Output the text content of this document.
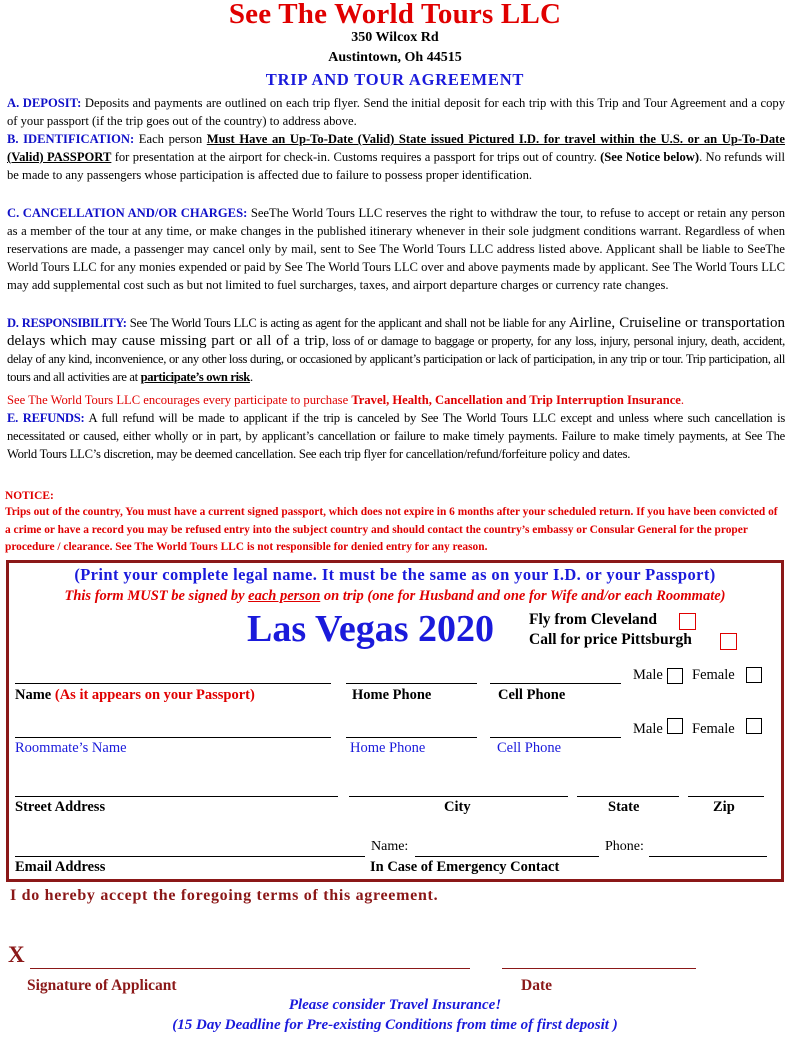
See The World Tours LLC
350 Wilcox Rd
Austintown, Oh 44515
TRIP AND TOUR AGREEMENT
A. DEPOSIT: Deposits and payments are outlined on each trip flyer. Send the initial deposit for each trip with this Trip and Tour Agreement and a copy of your passport (if the trip goes out of the country) to address above.
B. IDENTIFICATION: Each person Must Have an Up-To-Date (Valid) State issued Pictured I.D. for travel within the U.S. or an Up-To-Date (Valid) PASSPORT for presentation at the airport for check-in. Customs requires a passport for trips out of country. (See Notice below). No refunds will be made to any passengers whose participation is affected due to failure to possess proper identification.
C. CANCELLATION AND/OR CHARGES: SeeThe World Tours LLC reserves the right to withdraw the tour, to refuse to accept or retain any person as a member of the tour at any time, or make changes in the published itinerary whenever in their sole judgment conditions warrant. Regardless of when reservations are made, a passenger may cancel only by mail, sent to See The World Tours LLC address listed above. Applicant shall be liable to SeeThe World Tours LLC for any monies expended or paid by See The World Tours LLC over and above payments made by applicant. See The World Tours LLC may add supplemental cost such as but not limited to fuel surcharges, taxes, and airport departure charges or currency rate changes.
D. RESPONSIBILITY: See The World Tours LLC is acting as agent for the applicant and shall not be liable for any Airline, Cruiseline or transportation delays which may cause missing part or all of a trip, loss of or damage to baggage or property, for any loss, injury, personal injury, death, accident, delay of any kind, inconvenience, or any other loss during, or occasioned by applicant’s participation or lack of participation, in any trip or tour. Trip participation, all tours and all activities are at participate’s own risk.
See The World Tours LLC encourages every participate to purchase Travel, Health, Cancellation and Trip Interruption Insurance.
E. REFUNDS: A full refund will be made to applicant if the trip is canceled by See The World Tours LLC except and unless where such cancellation is necessitated or caused, either wholly or in part, by applicant’s cancellation or failure to make timely payments. Failure to make timely payments, at See The World Tours LLC’s discretion, may be deemed cancellation. See each trip flyer for cancellation/refund/forfeiture policy and dates.
NOTICE:
Trips out of the country, You must have a current signed passport, which does not expire in 6 months after your scheduled return. If you have been convicted of a crime or have a record you may be refused entry into the subject country and should contact the country’s embassy or Consular General for the proper procedure / clearance. See The World Tours LLC is not responsible for denied entry for any reason.
(Print your complete legal name. It must be the same as on your I.D. or your Passport)
This form MUST be signed by each person on trip (one for Husband and one for Wife and/or each Roommate)
Las Vegas 2020 Fly from Cleveland
Call for price Pittsburgh
Male Female
Name (As it appears on your Passport)	Home Phone	Cell Phone
Male Female
Roommate’s Name	Home Phone	Cell Phone
Street Address	City	State	Zip
Name:	Phone:
Email Address	In Case of Emergency Contact
I do hereby accept the foregoing terms of this agreement.
X
Signature of Applicant	Date
Please consider Travel Insurance!
(15 Day Deadline for Pre-existing Conditions from time of first deposit )
